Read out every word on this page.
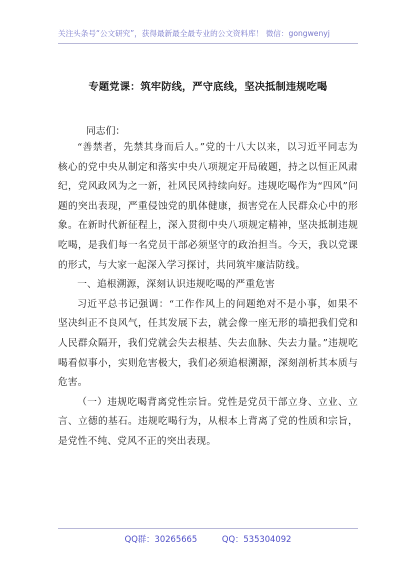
关注头条号“公文研究”，获得最新最全最专业的公文资料库！ 微信：gongwenyj
专题党课：筑牢防线，严守底线，坚决抵制违规吃喝
同志们：

“善禁者，先禁其身而后人。”党的十八大以来，以习近平同志为核心的党中央从制定和落实中央八项规定开局破题，持之以恒正风肃纪，党风政风为之一新，社风民风持续向好。违规吃喝作为“四风”问题的突出表现，严重侵蚀党的肌体健康，损害党在人民群众心中的形象。在新时代新征程上，深入贯彻中央八项规定精神，坚决抵制违规吃喝，是我们每一名党员干部必须坚守的政治担当。今天，我以党课的形式，与大家一起深入学习探讨，共同筑牢廉洁防线。

一、追根溯源，深刻认识违规吃喝的严重危害

习近平总书记强调：“工作作风上的问题绝对不是小事，如果不坚决纠正不良风气，任其发展下去，就会像一座无形的墙把我们党和人民群众隔开，我们党就会失去根基、失去血脉、失去力量。”违规吃喝看似事小，实则危害极大，我们必须追根溯源，深刻剖析其本质与危害。

（一）违规吃喝背离党性宗旨。党性是党员干部立身、立业、立言、立德的基石。违规吃喝行为，从根本上背离了党的性质和宗旨，是党性不纯、党风不正的突出表现。

QQ群：30265665	QQ：535304092
